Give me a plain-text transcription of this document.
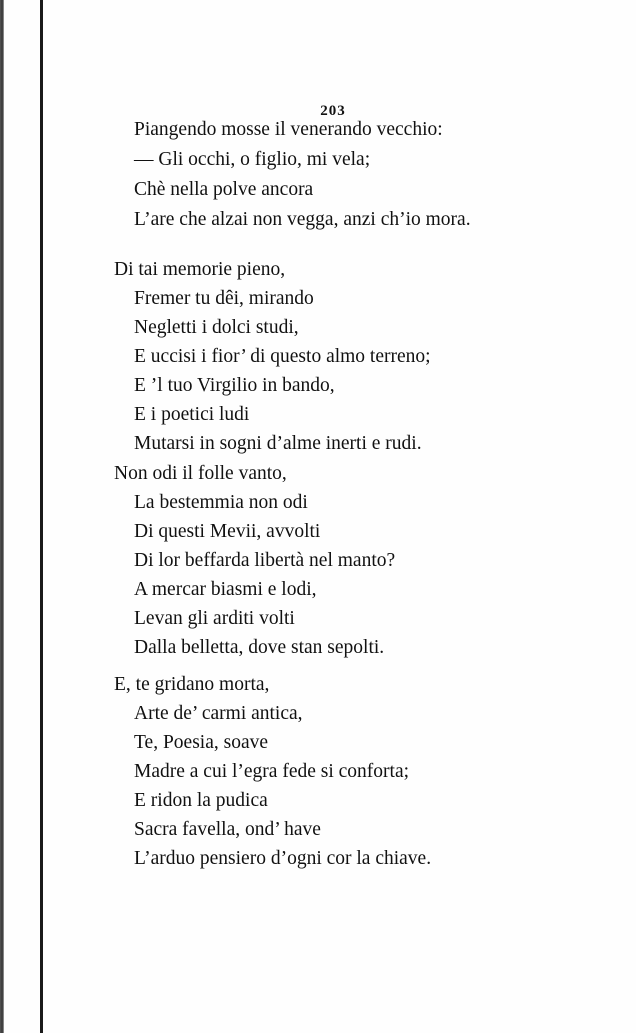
203
Piangendo mosse il venerando vecchio:
— Gli occhi, o figlio, mi vela;
Chè nella polve ancora
L’are che alzai non vegga, anzi ch’io mora.
Di tai memorie pieno,
Fremer tu dêi, mirando
Negletti i dolci studi,
E uccisi i fior’ di questo almo terreno;
E ’l tuo Virgilio in bando,
E i poetici ludi
Mutarsi in sogni d’alme inerti e rudi.
Non odi il folle vanto,
La bestemmia non odi
Di questi Mevii, avvolti
Di lor beffarda libertà nel manto?
A mercar biasmi e lodi,
Levan gli arditi volti
Dalla belletta, dove stan sepolti.
E, te gridano morta,
Arte de’ carmi antica,
Te, Poesia, soave
Madre a cui l’egra fede si conforta;
E ridon la pudica
Sacra favella, ond’ have
L’arduo pensiero d’ogni cor la chiave.
